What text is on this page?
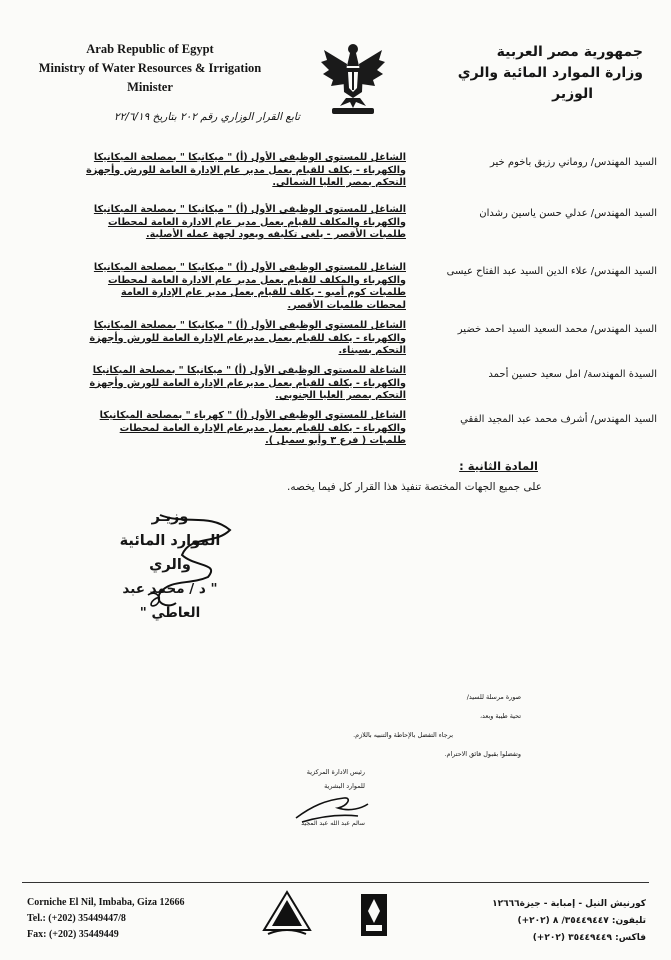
Arab Republic of Egypt
Ministry of Water Resources & Irrigation
Minister
جمهورية مصر العربية
وزارة الموارد المائية والري
الوزير
تابع القرار الوزاري رقم ٢٠٢ بتاريخ ٢٢/٦/١٩
السيد المهندس/ روماني رزيق باخوم خير
الشاغل للمستوى الوظيفي الأول (أ) " ميكانيكا " بمصلحة الميكانيكا والكهرباء - يكلف للقيام بعمل مدير عام الإدارة العامة للورش وأجهزة التحكم بمصر العليا الشمالي.
السيد المهندس/ عدلي حسن ياسين رشدان
الشاغل للمستوى الوظيفي الأول (أ) " ميكانيكا " بمصلحة الميكانيكا والكهرباء والمكلف للقيام بعمل مدير عام الادارة العامة لمحطات طلمبات الأقصر - يلغى تكليفه ويعود لجهة عمله الأصلية.
السيد المهندس/ علاء الدين السيد عبد الفتاح عيسى
الشاغل للمستوى الوظيفي الأول (أ) " ميكانيكا " بمصلحة الميكانيكا والكهرباء والمكلف للقيام بعمل مدير عام الادارة العامة لمحطات طلمبات كوم أمبو - يكلف للقيام بعمل مدير عام الإدارة العامة لمحطات طلمبات الأقصر.
السيد المهندس/ محمد السعيد السيد احمد خضير
الشاغل للمستوى الوظيفي الأول (أ) " ميكانيكا " بمصلحة الميكانيكا والكهرباء - يكلف للقيام بعمل مديرعام الإدارة العامة للورش وأجهزة التحكم بسيناء.
السيدة المهندسة/ امل سعيد حسين أحمد
الشاغلة للمستوى الوظيفي الأول (أ) " ميكانيكا " بمصلحة الميكانيكا والكهرباء - يكلف للقيام بعمل مديرعام الإدارة العامة للورش وأجهزة التحكم بمصر العليا الجنوبي.
السيد المهندس/ أشرف محمد عبد المجيد الفقي
الشاغل للمستوى الوظيفي الأول (أ) " كهرباء " بمصلحة الميكانيكا والكهرباء - يكلف للقيام بعمل مديرعام الإدارة العامة لمحطات طلمبات ( فرع ٣ وأبو سمبل ).
المادة الثانية :
على جميع الجهات المختصة تنفيذ هذا القرار كل فيما يخصه.
وزيـر
الموارد المائية والري
" د / محمد عبد العاطي "
صورة مرسلة للسيد/
تحية طيبة وبعد،
برجاء التفضل بالإحاطة والتنبيه باللازم.
وتفضلوا بقبول فائق الاحترام.
رئيس الادارة المركزية
للموارد البشرية
سالم عبد الله عبد المجيد
Corniche El Nil, Imbaba, Giza 12666
Tel.: (+202) 35449447/8
Fax: (+202) 35449449
كورنيش النيل - إمبابة - جيزة١٢٦٦٦
تليفون: ٣٥٤٤٩٤٤٧/ ٨ (٢٠٢+)
فاكس: ٣٥٤٤٩٤٤٩ (٢٠٢+)
